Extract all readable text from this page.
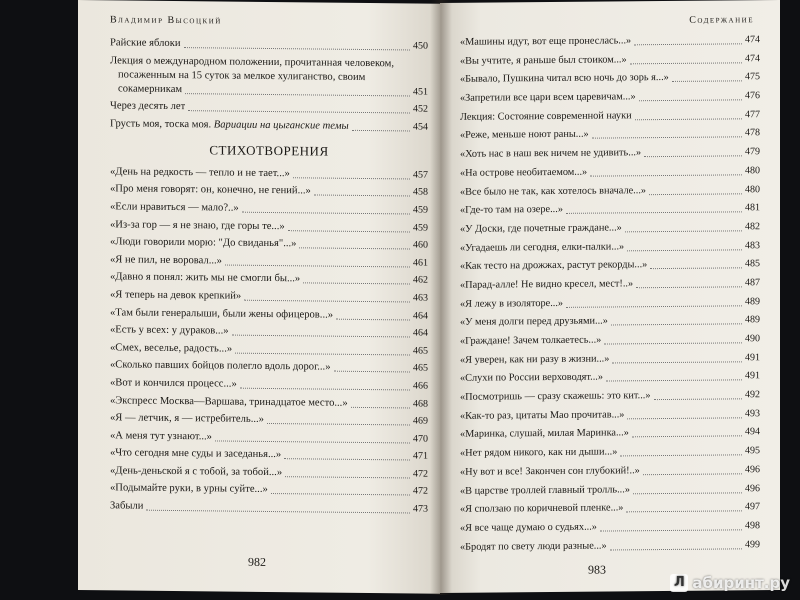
Владимир Высоцкий
Райские яблоки	450
Лекция о международном положении, прочитанная человеком,
посаженным на 15 суток за мелкое хулиганство, своим
сокамерникам	451
Через десять лет	452
Грусть моя, тоска моя. Вариации на цыганские темы	454
СТИХОТВОРЕНИЯ
«День на редкость — тепло и не тает...»	457
«Про меня говорят: он, конечно, не гений...»	458
«Если нравиться — мало?..»	459
«Из-за гор — я не знаю, где горы те...»	459
«Люди говорили морю: "До свиданья"...»	460
«Я не пил, не воровал...»	461
«Давно я понял: жить мы не смогли бы...»	462
«Я теперь на девок крепкий»	463
«Там были генералыши, были жены офицеров...»	464
«Есть у всех: у дураков...»	464
«Смех, веселье, радость...»	465
«Сколько павших бойцов полегло вдоль дорог...»	465
«Вот и кончился процесс...»	466
«Экспресс Москва—Варшава, тринадцатое место...»	468
«Я — летчик, я — истребитель...»	469
«А меня тут узнают...»	470
«Что сегодня мне суды и заседанья...»	471
«День-деньской я с тобой, за тобой...»	472
«Подымайте руки, в урны суйте...»	472
Забыли	473
982
Содержание
«Машины идут, вот еще пронеслась...»	474
«Вы учтите, я раньше был стоиком...»	474
«Бывало, Пушкина читал всю ночь до зорь я...»	475
«Запретили все цари всем царевичам...»	476
Лекция: Состояние современной науки	477
«Реже, меньше ноют раны...»	478
«Хоть нас в наш век ничем не удивить...»	479
«На острове необитаемом...»	480
«Все было не так, как хотелось вначале...»	480
«Где-то там на озере...»	481
«У Доски, где почетные граждане...»	482
«Угадаешь ли сегодня, елки-палки...»	483
«Как тесто на дрожжах, растут рекорды...»	485
«Парад-алле! Не видно кресел, мест!..»	487
«Я лежу в изоляторе...»	489
«У меня долги перед друзьями...»	489
«Граждане! Зачем толкаетесь...»	490
«Я уверен, как ни разу в жизни...»	491
«Слухи по России верховодят...»	491
«Посмотришь — сразу скажешь: это кит...»	492
«Как-то раз, цитаты Мао прочитав...»	493
«Маринка, слушай, милая Маринка...»	494
«Нет рядом никого, как ни дыши...»	495
«Ну вот и все! Закончен сон глубокий!..»	496
«В царстве троллей главный тролль...»	496
«Я сползаю по коричневой пленке...»	497
«Я все чаще думаю о судьях...»	498
«Бродят по свету люди разные...»	499
983
Л абиринт.ру
